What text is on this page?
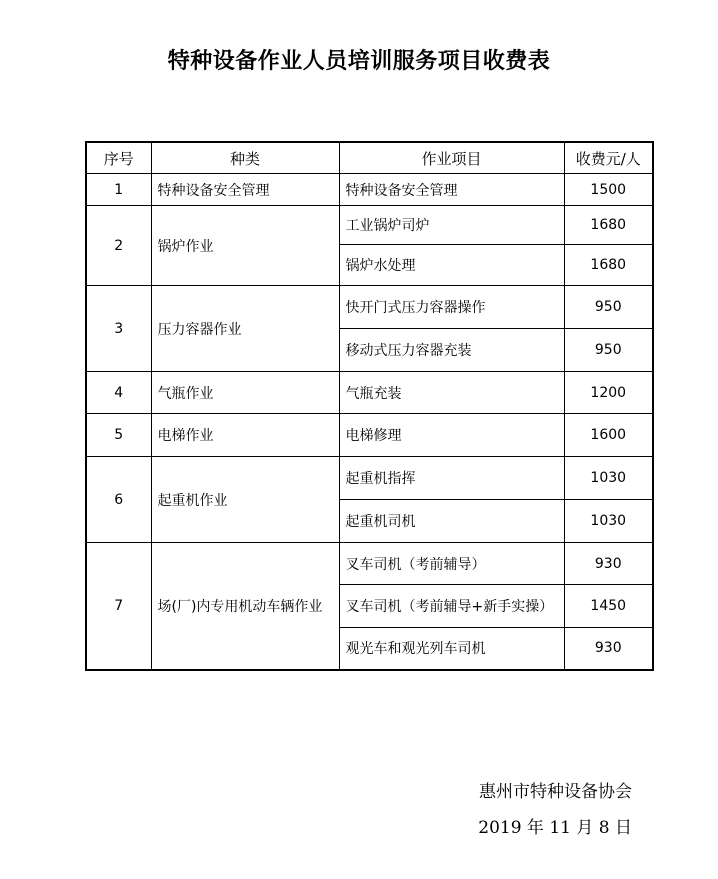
特种设备作业人员培训服务项目收费表
序号	种类	作业项目	收费元/人
1	特种设备安全管理	特种设备安全管理	1500
2	锅炉作业	工业锅炉司炉	1680
		锅炉水处理	1680
3	压力容器作业	快开门式压力容器操作	950
		移动式压力容器充装	950
4	气瓶作业	气瓶充装	1200
5	电梯作业	电梯修理	1600
6	起重机作业	起重机指挥	1030
		起重机司机	1030
7	场(厂)内专用机动车辆作业	叉车司机（考前辅导）	930
		叉车司机（考前辅导+新手实操）	1450
		观光车和观光列车司机	930
惠州市特种设备协会
2019 年 11 月 8 日
